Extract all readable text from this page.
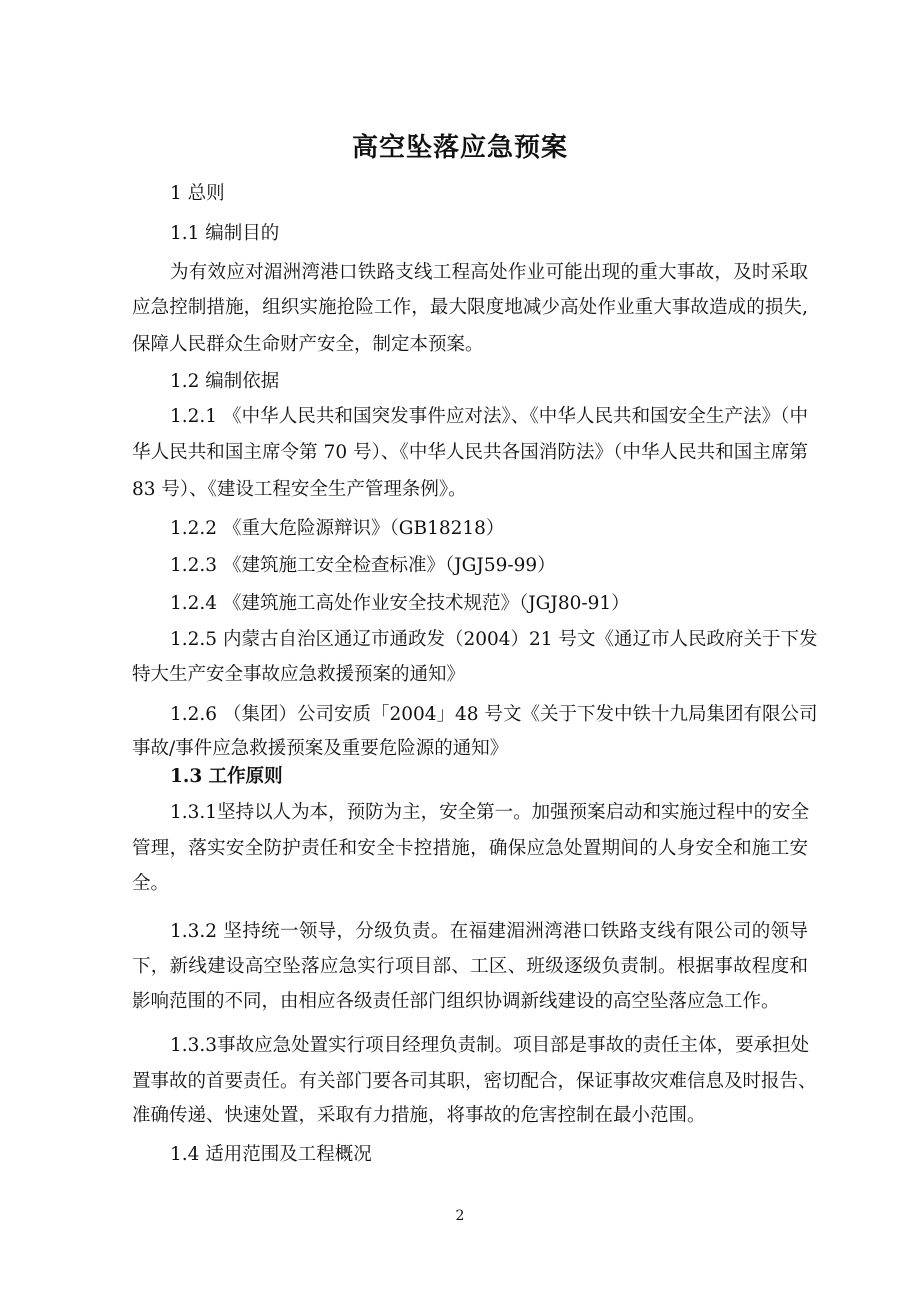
高空坠落应急预案
1 总则
1.1 编制目的
为有效应对湄洲湾港口铁路支线工程高处作业可能出现的重大事故，及时采取
应急控制措施，组织实施抢险工作，最大限度地减少高处作业重大事故造成的损失,
保障人民群众生命财产安全，制定本预案。
1.2 编制依据
1.2.1 《中华人民共和国突发事件应对法》、《中华人民共和国安全生产法》（中
华人民共和国主席令第 70 号）、《中华人民共各国消防法》（中华人民共和国主席第
83 号）、《建设工程安全生产管理条例》。
1.2.2 《重大危险源辩识》（GB18218）
1.2.3 《建筑施工安全检查标准》（JGJ59-99）
1.2.4 《建筑施工高处作业安全技术规范》（JGJ80-91）
1.2.5 内蒙古自治区通辽市通政发（2004）21 号文《通辽市人民政府关于下发
特大生产安全事故应急救援预案的通知》
1.2.6 （集团）公司安质「2004」48 号文《关于下发中铁十九局集团有限公司
事故/事件应急救援预案及重要危险源的通知》
1.3 工作原则
1.3.1坚持以人为本，预防为主，安全第一。加强预案启动和实施过程中的安全
管理，落实安全防护责任和安全卡控措施，确保应急处置期间的人身安全和施工安
全。
1.3.2 坚持统一领导，分级负责。在福建湄洲湾港口铁路支线有限公司的领导
下，新线建设高空坠落应急实行项目部、工区、班级逐级负责制。根据事故程度和
影响范围的不同，由相应各级责任部门组织协调新线建设的高空坠落应急工作。
1.3.3事故应急处置实行项目经理负责制。项目部是事故的责任主体，要承担处
置事故的首要责任。有关部门要各司其职，密切配合，保证事故灾难信息及时报告、
准确传递、快速处置，采取有力措施，将事故的危害控制在最小范围。
1.4 适用范围及工程概况
2
